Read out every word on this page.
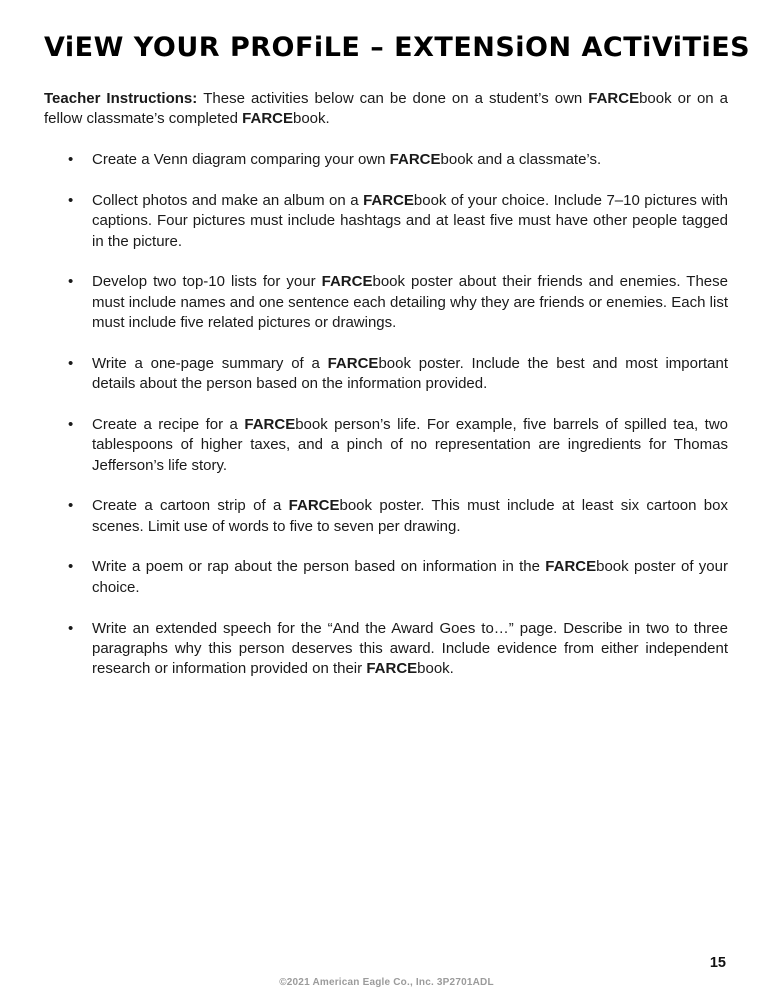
ViEW YOUR PROFiLE – EXTENSiON ACTiViTiES

Teacher Instructions: These activities below can be done on a student’s own FARCEbook or on a fellow classmate’s completed FARCEbook.

•	Create a Venn diagram comparing your own FARCEbook and a classmate’s.
•	Collect photos and make an album on a FARCEbook of your choice. Include 7–10 pictures with captions. Four pictures must include hashtags and at least five must have other people tagged in the picture.
•	Develop two top-10 lists for your FARCEbook poster about their friends and enemies. These must include names and one sentence each detailing why they are friends or enemies. Each list must include five related pictures or drawings.
•	Write a one-page summary of a FARCEbook poster. Include the best and most important details about the person based on the information provided.
•	Create a recipe for a FARCEbook person’s life. For example, five barrels of spilled tea, two tablespoons of higher taxes, and a pinch of no representation are ingredients for Thomas Jefferson’s life story.
•	Create a cartoon strip of a FARCEbook poster. This must include at least six cartoon box scenes. Limit use of words to five to seven per drawing.
•	Write a poem or rap about the person based on information in the FARCEbook poster of your choice.
•	Write an extended speech for the “And the Award Goes to…” page. Describe in two to three paragraphs why this person deserves this award. Include evidence from either independent research or information provided on their FARCEbook.
15
©2021 American Eagle Co., Inc. 3P2701ADL
